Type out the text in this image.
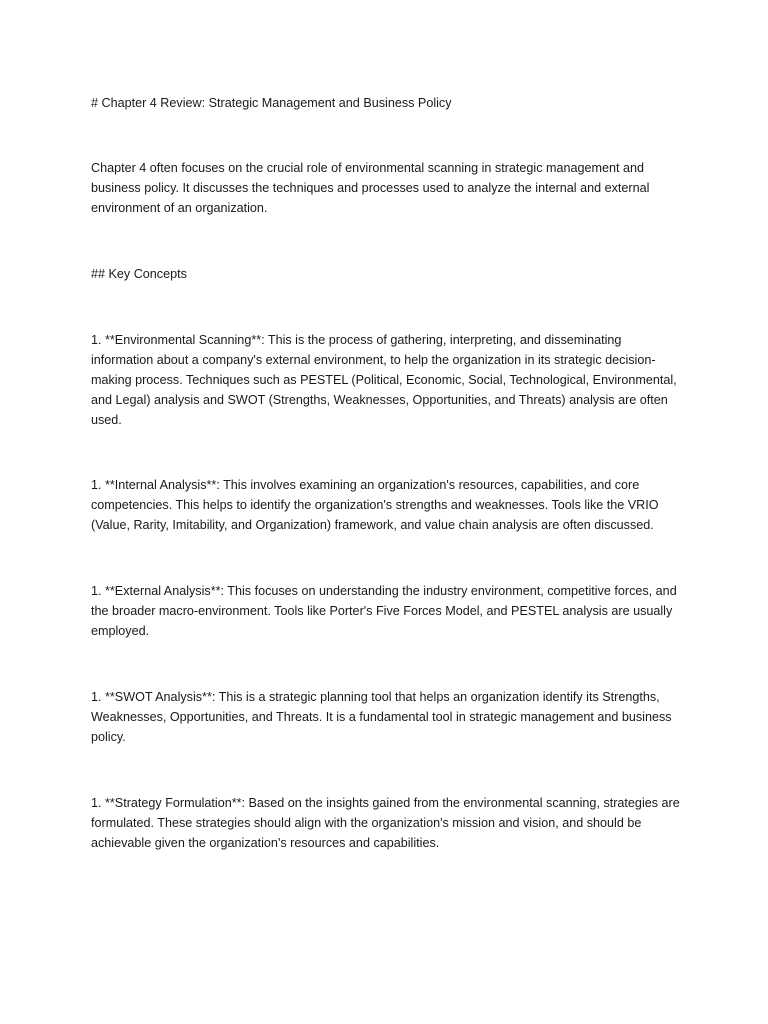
# Chapter 4 Review: Strategic Management and Business Policy

Chapter 4 often focuses on the crucial role of environmental scanning in strategic management and business policy. It discusses the techniques and processes used to analyze the internal and external environment of an organization.

## Key Concepts

1. **Environmental Scanning**: This is the process of gathering, interpreting, and disseminating information about a company's external environment, to help the organization in its strategic decision-making process. Techniques such as PESTEL (Political, Economic, Social, Technological, Environmental, and Legal) analysis and SWOT (Strengths, Weaknesses, Opportunities, and Threats) analysis are often used.

1. **Internal Analysis**: This involves examining an organization's resources, capabilities, and core competencies. This helps to identify the organization's strengths and weaknesses. Tools like the VRIO (Value, Rarity, Imitability, and Organization) framework, and value chain analysis are often discussed.

1. **External Analysis**: This focuses on understanding the industry environment, competitive forces, and the broader macro-environment. Tools like Porter's Five Forces Model, and PESTEL analysis are usually employed.

1. **SWOT Analysis**: This is a strategic planning tool that helps an organization identify its Strengths, Weaknesses, Opportunities, and Threats. It is a fundamental tool in strategic management and business policy.

1. **Strategy Formulation**: Based on the insights gained from the environmental scanning, strategies are formulated. These strategies should align with the organization's mission and vision, and should be achievable given the organization's resources and capabilities.
